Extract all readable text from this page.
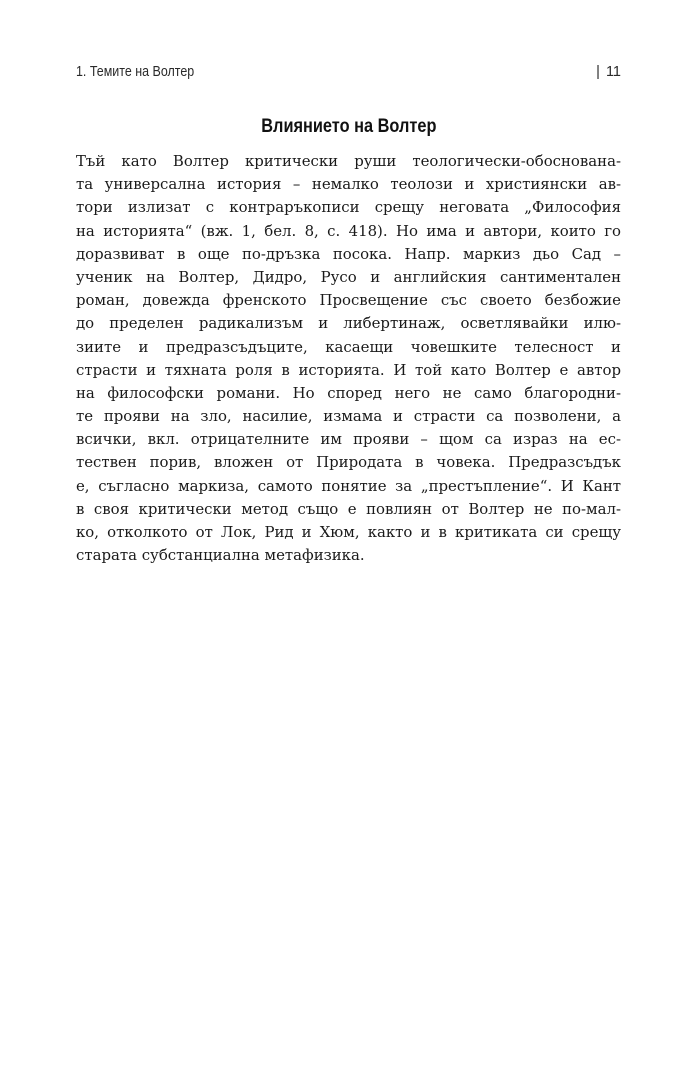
1. Темите на Волтер	| 11
Влиянието на Волтер
Тъй като Волтер критически руши теологически-обоснована-
та универсална история – немалко теолози и християнски ав-
тори излизат с контраръкописи срещу неговата „Философия
на историята“ (вж. 1, бел. 8, с. 418). Но има и автори, които го
доразвиват в още по-дръзка посока. Напр. маркиз дьо Сад –
ученик на Волтер, Дидро, Русо и английския сантиментален
роман, довежда френското Просвещение със своето безбожие
до пределен радикализъм и либертинаж, осветлявайки илю-
зиите и предразсъдъците, касаещи човешките телесност и
страсти и тяхната роля в историята. И той като Волтер е автор
на философски романи. Но според него не само благородни-
те прояви на зло, насилие, измама и страсти са позволени, а
всички, вкл. отрицателните им прояви – щом са израз на ес-
тествен порив, вложен от Природата в човека. Предразсъдък
е, съгласно маркиза, самото понятие за „престъпление“. И Кант
в своя критически метод също е повлиян от Волтер не по-мал-
ко, отколкото от Лок, Рид и Хюм, както и в критиката си срещу
старата субстанциална метафизика.
